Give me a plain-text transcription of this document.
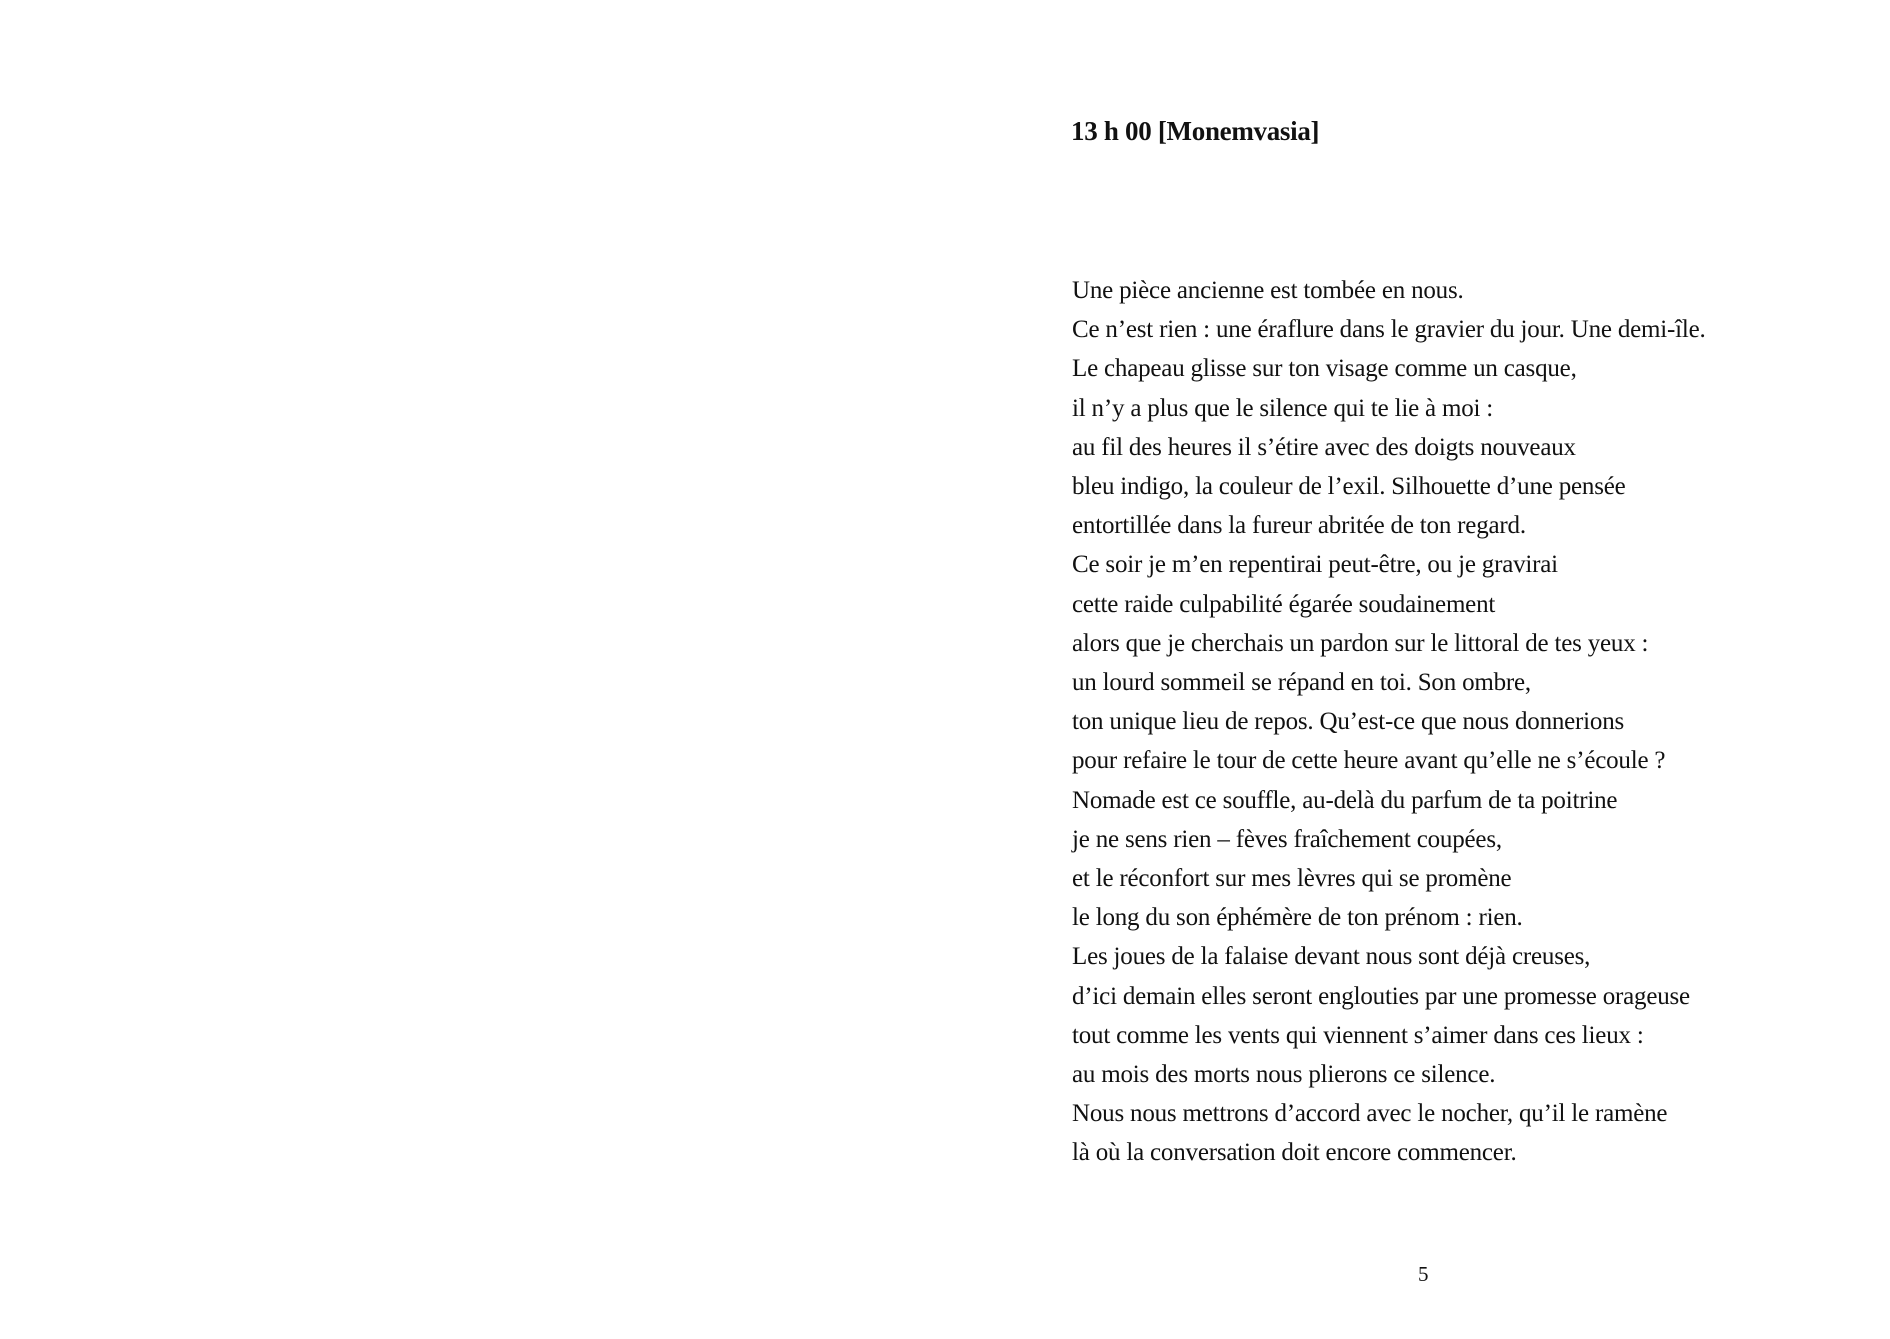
13 h 00 [Monemvasia]
Une pièce ancienne est tombée en nous.
Ce n’est rien : une éraflure dans le gravier du jour. Une demi-île.
Le chapeau glisse sur ton visage comme un casque,
il n’y a plus que le silence qui te lie à moi :
au fil des heures il s’étire avec des doigts nouveaux
bleu indigo, la couleur de l’exil. Silhouette d’une pensée
entortillée dans la fureur abritée de ton regard.
Ce soir je m’en repentirai peut-être, ou je gravirai
cette raide culpabilité égarée soudainement
alors que je cherchais un pardon sur le littoral de tes yeux :
un lourd sommeil se répand en toi. Son ombre,
ton unique lieu de repos. Qu’est-ce que nous donnerions
pour refaire le tour de cette heure avant qu’elle ne s’écoule ?
Nomade est ce souffle, au-delà du parfum de ta poitrine
je ne sens rien – fèves fraîchement coupées,
et le réconfort sur mes lèvres qui se promène
le long du son éphémère de ton prénom : rien.
Les joues de la falaise devant nous sont déjà creuses,
d’ici demain elles seront englouties par une promesse orageuse
tout comme les vents qui viennent s’aimer dans ces lieux :
au mois des morts nous plierons ce silence.
Nous nous mettrons d’accord avec le nocher, qu’il le ramène
là où la conversation doit encore commencer.
5
